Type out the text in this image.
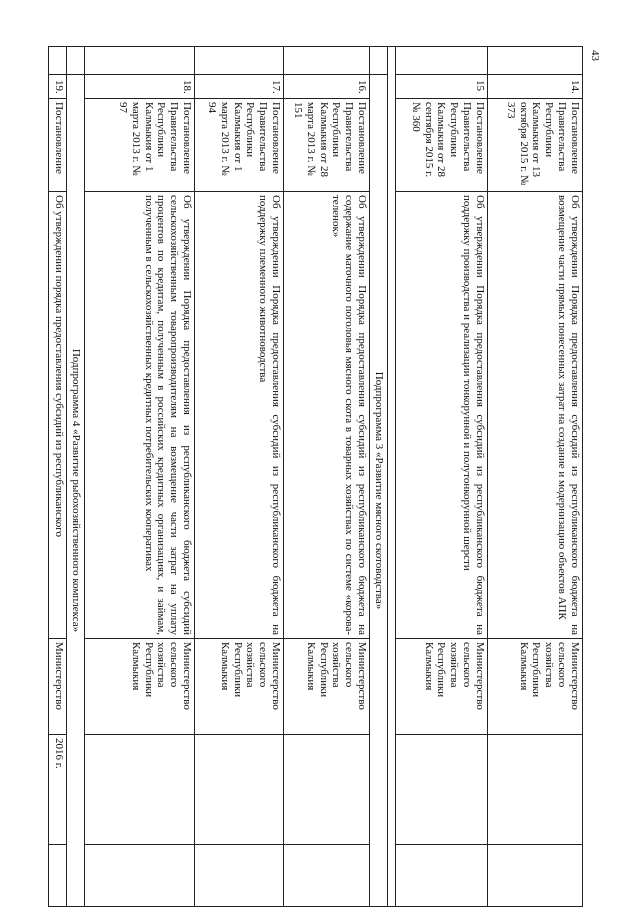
43
	14.	Постановление Правительства Республики Калмыкия от 13 октября 2015 г. № 373	Об утверждении Порядка предоставления субсидий из республиканского бюджета на возмещение части прямых понесенных затрат на создание и модернизацию объектов АПК	Министерство сельского хозяйства Республики Калмыкия		
	15	Постановление Правительства Республики Калмыкия от 28 сентября 2015 г. № 360	Об утверждении Порядка предоставления субсидий из республиканского бюджета на поддержку производства и реализации тонкорунной и полутонкорунной шерсти	Министерство сельского хозяйства Республики Калмыкия		

	Подпрограмма 3 «Развитие мясного скотоводства»					
	16.	Постановление Правительства Республики Калмыкия от 28 марта 2013 г. № 151	Об утверждении Порядка предоставления субсидий из республиканского бюджета на содержание маточного поголовья мясного скота в товарных хозяйствах по системе «корова-теленок»	Министерство сельского хозяйства Республики Калмыкия		
	17.	Постановление Правительства Республики Калмыкия от 1 марта 2013 г. № 94	Об утверждении Порядка предоставления субсидий из республиканского бюджета на поддержку племенного животноводства	Министерство сельского хозяйства Республики Калмыкия		
	18.	Постановление Правительства Республики Калмыкия от 1 марта 2013 г. № 97	Об утверждении Порядка предоставления из республиканского бюджета субсидий сельскохозяйственным товаропроизводителям на возмещение части затрат на уплату процентов по кредитам, полученным в российских кредитных организациях, и займам, полученным в сельскохозяйственных кредитных потребительских кооперативах	Министерство сельского хозяйства Республики Калмыкия		
	Подпрограмма 4 «Развитие рыбохозяйственного комплекса»					
	19.	Постановление	Об утверждении порядка предоставления субсидий из республиканского	Министерство	2016 г.	
